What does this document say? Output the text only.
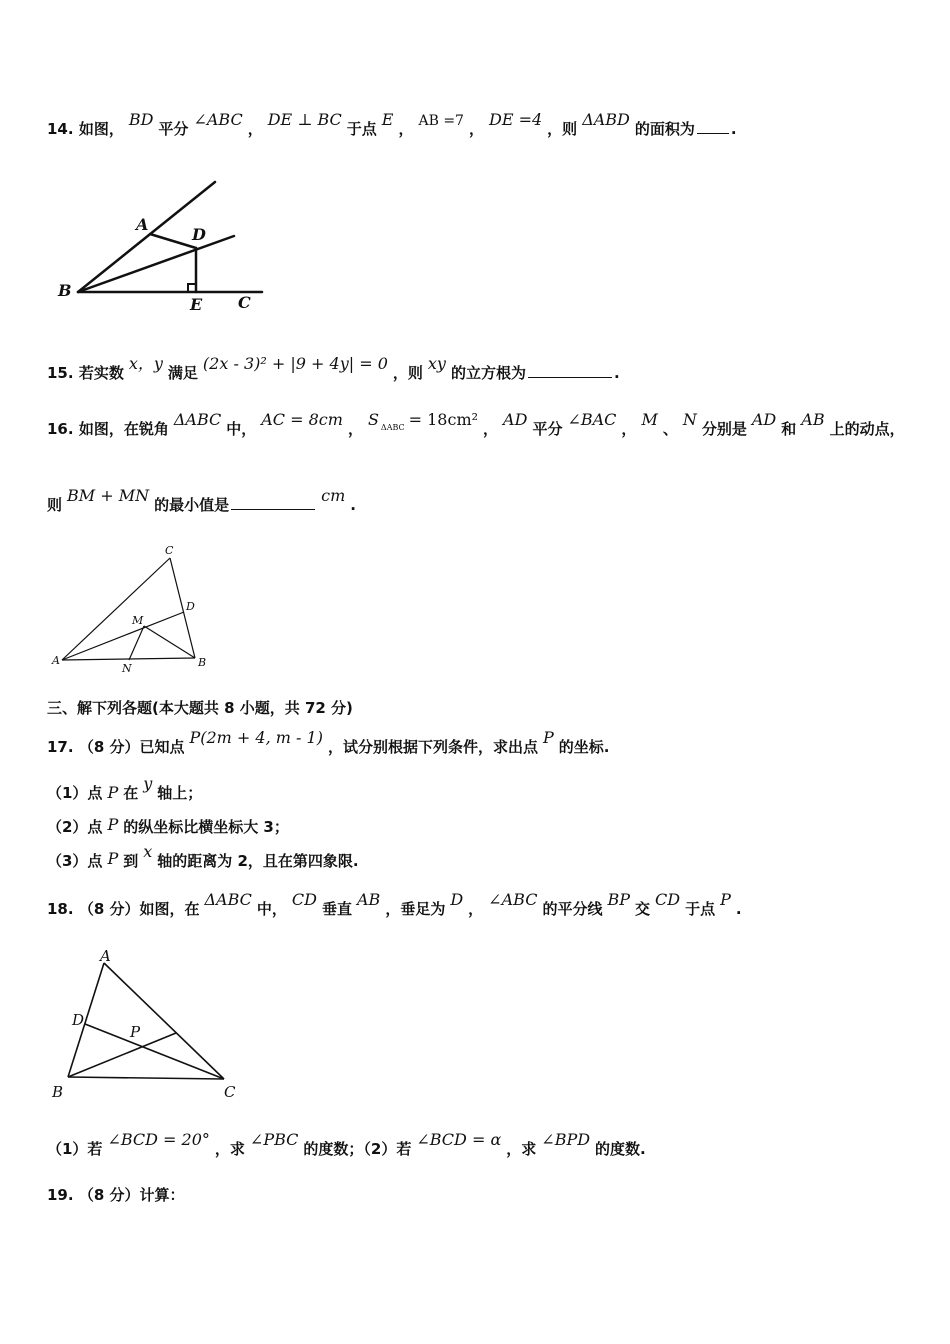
14. 如图， BD 平分 ∠ABC ， DE ⊥ BC 于点 E ， AB =7 ， DE =4 ，则 ΔABD 的面积为 .
A
B
C
D
E
15. 若实数 x，y 满足 (2x - 3)² + |9 + 4y| = 0 ，则 xy 的立方根为	.
16. 如图，在锐角 ΔABC 中， AC = 8cm ， S $^{\Delta ABC}$ = 18cm² ， AD 平分 ∠BAC ， M 、 N 分别是 AD 和 AB 上的动点，
则 BM + MN 的最小值是	cm .
A	B
C
D
M
N
三、解下列各题(本大题共 8 小题，共 72 分)
17. （8 分）已知点 P(2m + 4, m - 1) ，试分别根据下列条件，求出点 P 的坐标.
（1）点 P 在 y 轴上；
（2）点 P 的纵坐标比横坐标大 3；
（3）点 P 到 x 轴的距离为 2，且在第四象限.
18. （8 分）如图，在 ΔABC 中， CD 垂直 AB ，垂足为 D ， ∠ABC 的平分线 BP 交 CD 于点 P .
A
B	C
D
P
（1）若 ∠BCD = 20° ，求 ∠PBC 的度数；（2）若 ∠BCD = α ，求 ∠BPD 的度数.
19. （8 分）计算：
